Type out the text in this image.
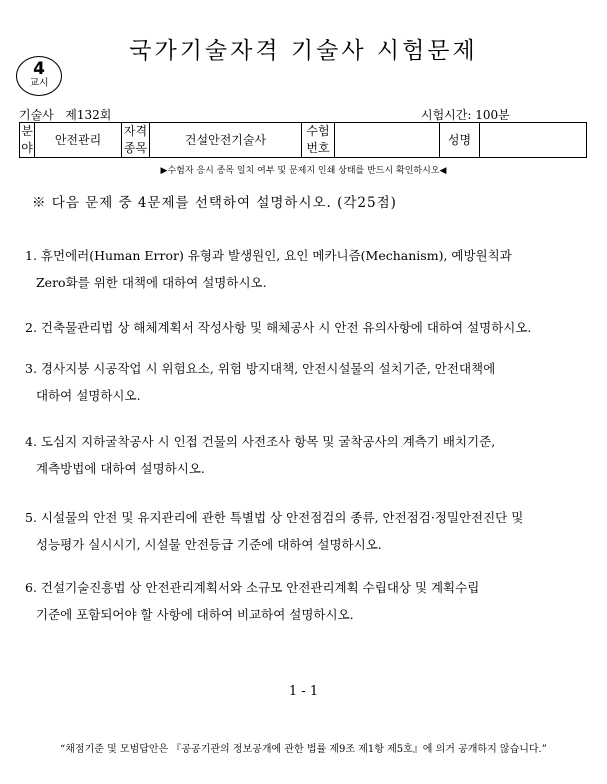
국가기술자격 기술사 시험문제
4
교시
기술사 제132회	시험시간: 100분
분야	안전관리	자격종목	건설안전기술사	수험번호		성명	
▶수험자 응시 종목 일치 여부 및 문제지 인쇄 상태를 반드시 확인하시오◀
※ 다음 문제 중 4문제를 선택하여 설명하시오. (각25점)
1. 휴먼에러(Human Error) 유형과 발생원인, 요인 메카니즘(Mechanism), 예방원칙과
Zero화를 위한 대책에 대하여 설명하시오.
2. 건축물관리법 상 해체계획서 작성사항 및 해체공사 시 안전 유의사항에 대하여 설명하시오.
3. 경사지붕 시공작업 시 위험요소, 위험 방지대책, 안전시설물의 설치기준, 안전대책에
대하여 설명하시오.
4. 도심지 지하굴착공사 시 인접 건물의 사전조사 항목 및 굴착공사의 계측기 배치기준,
계측방법에 대하여 설명하시오.
5. 시설물의 안전 및 유지관리에 관한 특별법 상 안전점검의 종류, 안전점검·정밀안전진단 및
성능평가 실시시기, 시설물 안전등급 기준에 대하여 설명하시오.
6. 건설기술진흥법 상 안전관리계획서와 소규모 안전관리계획 수립대상 및 계획수립
기준에 포함되어야 할 사항에 대하여 비교하여 설명하시오.
1 - 1
“채점기준 및 모범답안은 『공공기관의 정보공개에 관한 법률 제9조 제1항 제5호』에 의거 공개하지 않습니다.”
